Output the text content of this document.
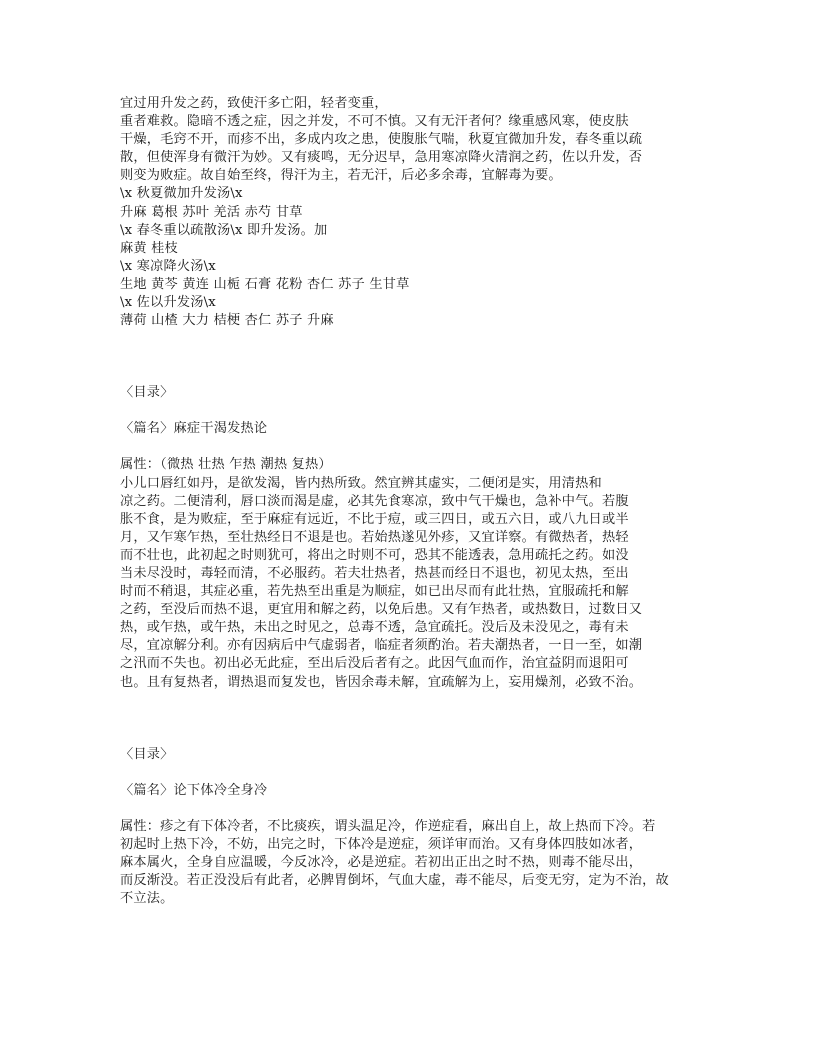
宜过用升发之药，致使汗多亡阳，轻者变重，
重者难救。隐暗不透之症，因之并发，不可不慎。又有无汗者何？缘重感风寒，使皮肤
干燥，毛窍不开，而疹不出，多成内攻之患，使腹胀气喘，秋夏宜微加升发，春冬重以疏
散，但使浑身有微汗为妙。又有痰鸣，无分迟早，急用寒凉降火清润之药，佐以升发，否
则变为败症。故自始至终，得汗为主，若无汗，后必多余毒，宜解毒为要。
\x 秋夏微加升发汤\x
升麻 葛根 苏叶 羌活 赤芍 甘草
\x 春冬重以疏散汤\x 即升发汤。加
麻黄 桂枝
\x 寒凉降火汤\x
生地 黄芩 黄连 山栀 石膏 花粉 杏仁 苏子 生甘草
\x 佐以升发汤\x
薄荷 山楂 大力 桔梗 杏仁 苏子 升麻
〈目录〉
〈篇名〉麻症干渴发热论
属性：（微热 壮热 乍热 潮热 复热）
小儿口唇红如丹，是欲发渴，皆内热所致。然宜辨其虚实，二便闭是实，用清热和
凉之药。二便清利，唇口淡而渴是虚，必其先食寒凉，致中气干燥也，急补中气。若腹
胀不食，是为败症，至于麻症有远近，不比于痘，或三四日，或五六日，或八九日或半
月，又乍寒乍热，至壮热经日不退是也。若始热遂见外疹，又宜详察。有微热者，热轻
而不壮也，此初起之时则犹可，将出之时则不可，恐其不能透表，急用疏托之药。如没
当未尽没时，毒轻而清，不必服药。若夫壮热者，热甚而经日不退也，初见太热，至出
时而不稍退，其症必重，若先热至出重是为顺症，如已出尽而有此壮热，宜服疏托和解
之药，至没后而热不退，更宜用和解之药，以免后患。又有乍热者，或热数日，过数日又
热，或乍热，或午热，未出之时见之，总毒不透，急宜疏托。没后及未没见之，毒有未
尽，宜凉解分利。亦有因病后中气虚弱者，临症者须酌治。若夫潮热者，一日一至，如潮
之汛而不失也。初出必无此症，至出后没后者有之。此因气血而作，治宜益阴而退阳可
也。且有复热者，谓热退而复发也，皆因余毒未解，宜疏解为上，妄用燥剂，必致不治。
〈目录〉
〈篇名〉论下体冷全身冷
属性：疹之有下体冷者，不比痰疾，谓头温足冷，作逆症看，麻出自上，故上热而下冷。若
初起时上热下冷，不妨，出完之时，下体冷是逆症，须详审而治。又有身体四肢如冰者，
麻本属火，全身自应温暖，今反冰冷，必是逆症。若初出正出之时不热，则毒不能尽出，
而反渐没。若正没没后有此者，必脾胃倒坏，气血大虚，毒不能尽，后变无穷，定为不治，故
不立法。
